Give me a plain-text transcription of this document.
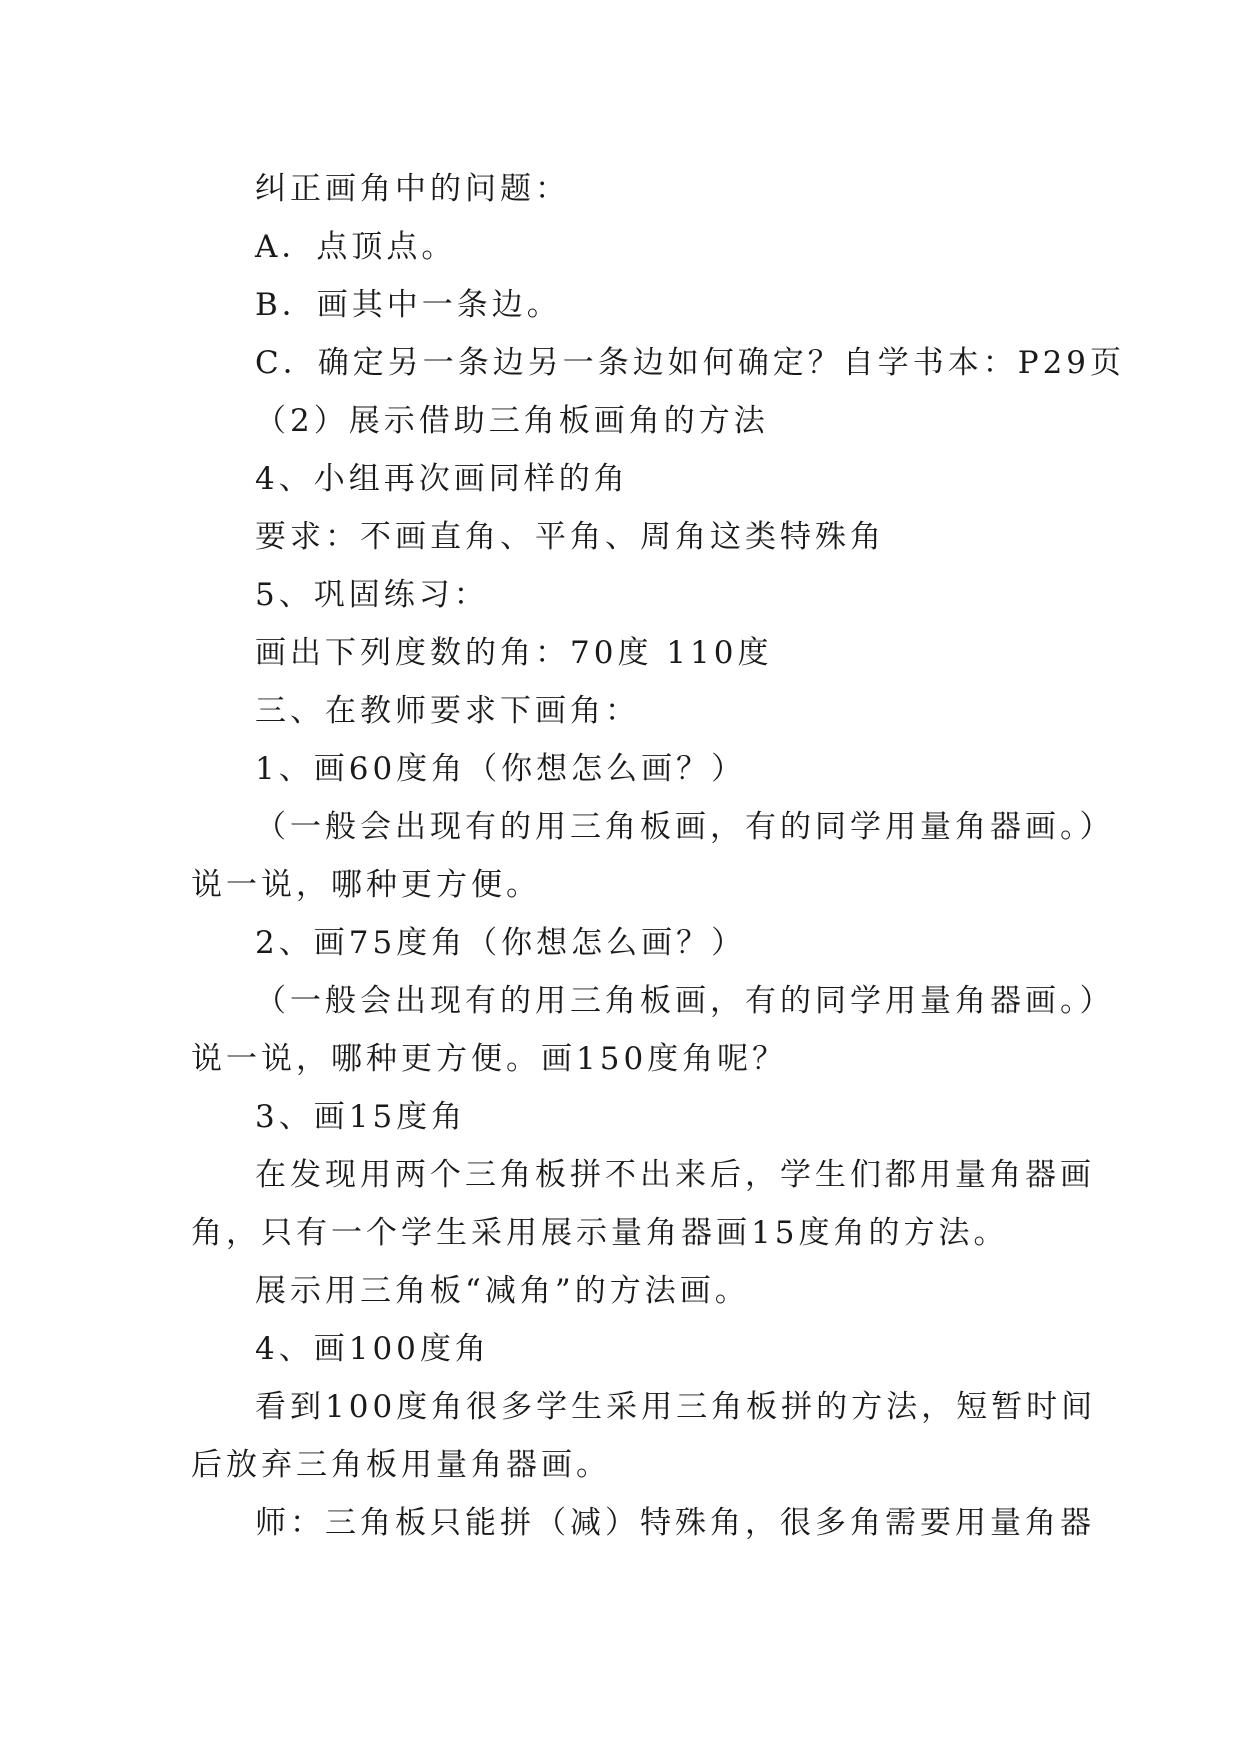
纠正画角中的问题：
A．点顶点。
B．画其中一条边。
C．确定另一条边另一条边如何确定？自学书本：P29页
（2）展示借助三角板画角的方法
4、小组再次画同样的角
要求：不画直角、平角、周角这类特殊角
5、巩固练习：
画出下列度数的角：70度 110度
三、在教师要求下画角：
1、画60度角（你想怎么画？）
（一般会出现有的用三角板画，有的同学用量角器画。）
说一说，哪种更方便。
2、画75度角（你想怎么画？）
（一般会出现有的用三角板画，有的同学用量角器画。）
说一说，哪种更方便。画150度角呢？
3、画15度角
在发现用两个三角板拼不出来后，学生们都用量角器画
角，只有一个学生采用展示量角器画15度角的方法。
展示用三角板“减角”的方法画。
4、画100度角
看到100度角很多学生采用三角板拼的方法，短暂时间
后放弃三角板用量角器画。
师：三角板只能拼（减）特殊角，很多角需要用量角器
